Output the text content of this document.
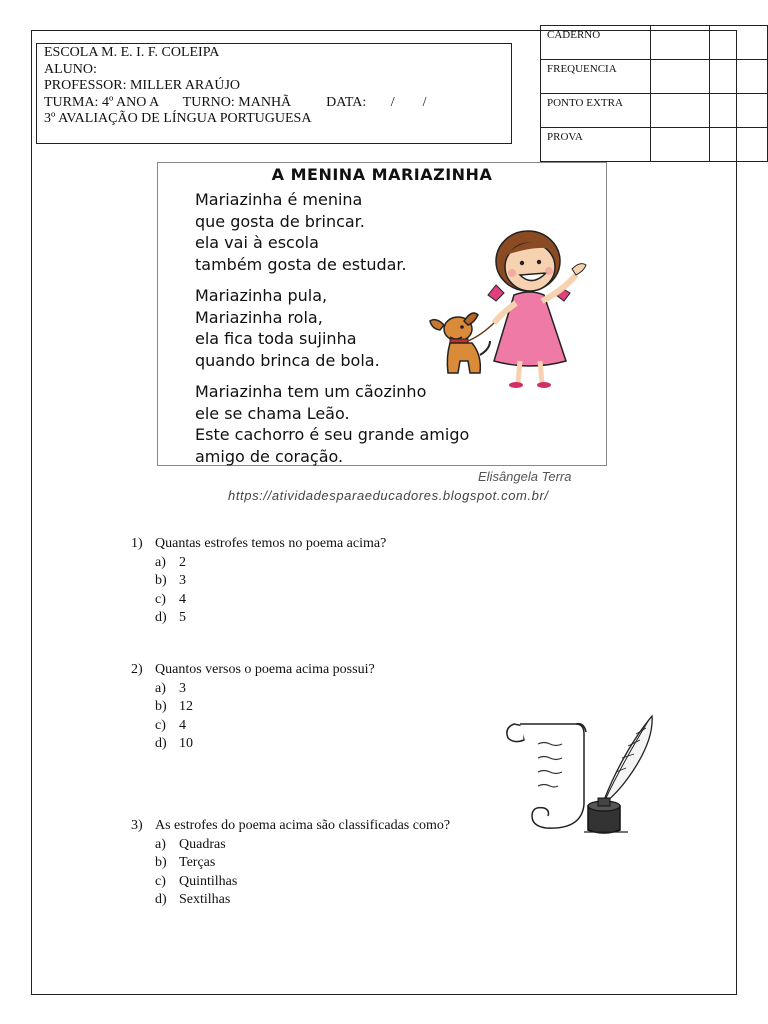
ESCOLA M. E. I. F. COLEIPA
ALUNO:
PROFESSOR: MILLER ARAÚJO
TURMA: 4º ANO A       TURNO: MANHÃ          DATA:       /        /
3º AVALIAÇÃO DE LÍNGUA PORTUGUESA
CADERNO		
FREQUENCIA		
PONTO EXTRA		
PROVA		
A MENINA MARIAZINHA
Mariazinha é menina
que gosta de brincar.
ela vai à escola
também gosta de estudar.
Mariazinha pula,
Mariazinha rola,
ela fica toda sujinha
quando brinca de bola.
Mariazinha tem um cãozinho
ele se chama Leão.
Este cachorro é seu grande amigo
amigo de coração.
Elisângela Terra
https://atividadesparaeducadores.blogspot.com.br/
1) Quantas estrofes temos no poema acima?
a) 2
b) 3
c) 4
d) 5
2) Quantos versos o poema acima possui?
a) 3
b) 12
c) 4
d) 10
3) As estrofes do poema acima são classificadas como?
a) Quadras
b) Terças
c) Quintilhas
d) Sextilhas
